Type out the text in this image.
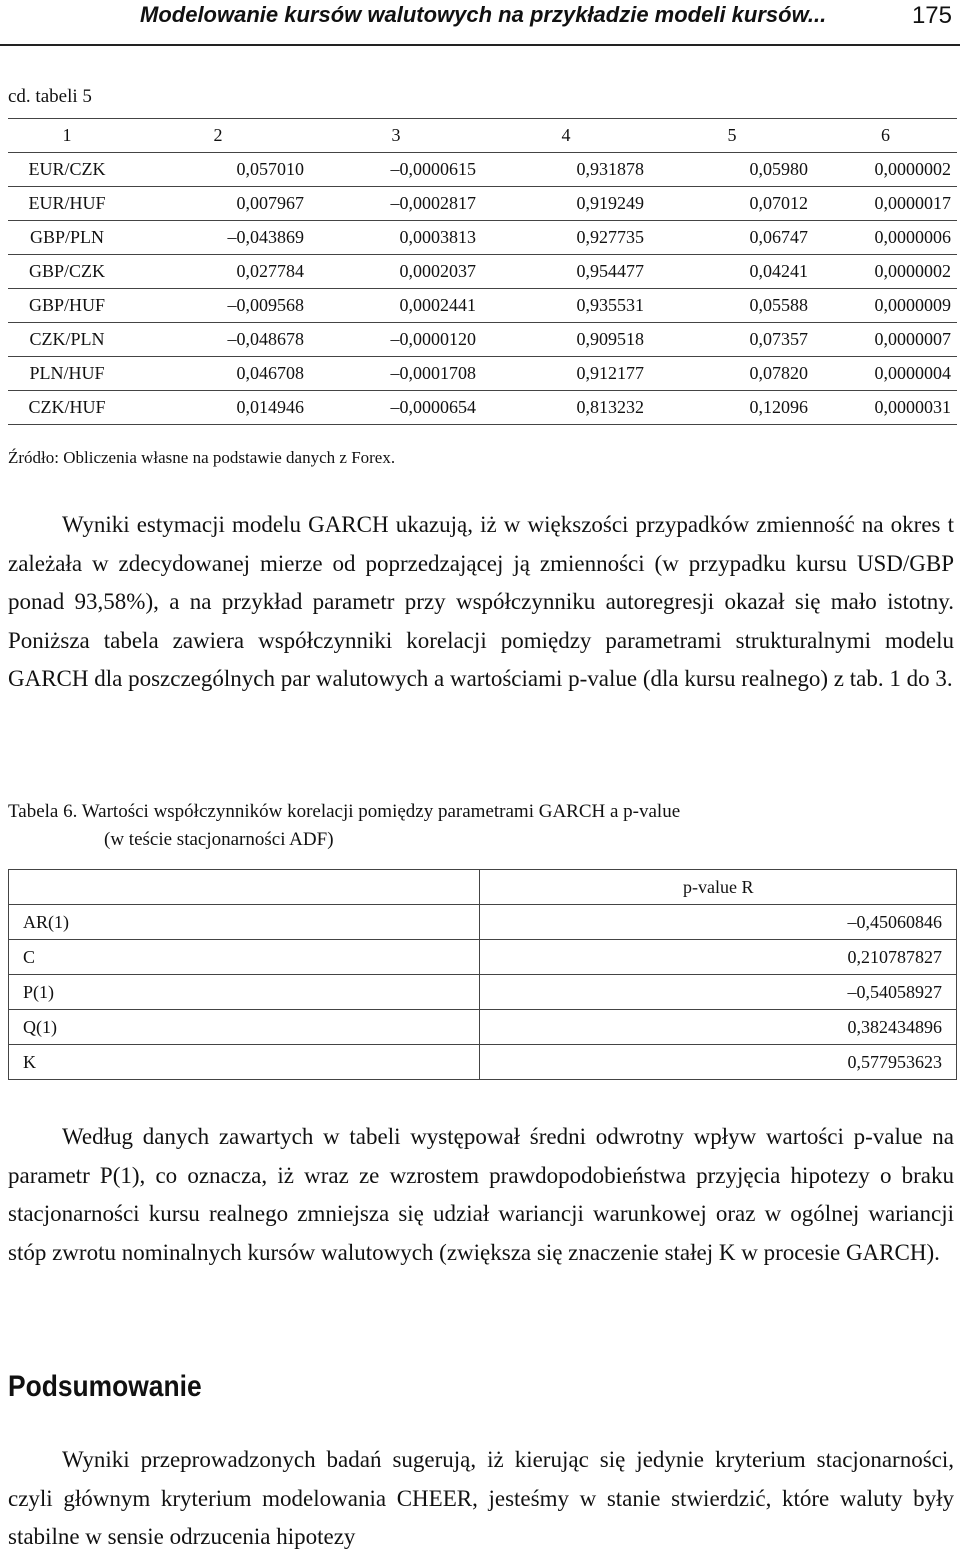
Modelowanie kursów walutowych na przykładzie modeli kursów...	175
cd. tabeli 5
1	2	3	4	5	6
EUR/CZK	0,057010	–0,0000615	0,931878	0,05980	0,0000002
EUR/HUF	0,007967	–0,0002817	0,919249	0,07012	0,0000017
GBP/PLN	–0,043869	0,0003813	0,927735	0,06747	0,0000006
GBP/CZK	0,027784	0,0002037	0,954477	0,04241	0,0000002
GBP/HUF	–0,009568	0,0002441	0,935531	0,05588	0,0000009
CZK/PLN	–0,048678	–0,0000120	0,909518	0,07357	0,0000007
PLN/HUF	0,046708	–0,0001708	0,912177	0,07820	0,0000004
CZK/HUF	0,014946	–0,0000654	0,813232	0,12096	0,0000031
Źródło: Obliczenia własne na podstawie danych z Forex.
Wyniki estymacji modelu GARCH ukazują, iż w większości przypadków zmienność na okres t zależała w zdecydowanej mierze od poprzedzającej ją zmienności (w przypadku kursu USD/GBP ponad 93,58%), a na przykład parametr przy współczynniku autoregresji okazał się mało istotny. Poniższa tabela zawiera współczynniki korelacji pomiędzy parametrami strukturalnymi modelu GARCH dla poszczególnych par walutowych a wartościami p-value (dla kursu realnego) z tab. 1 do 3.
Tabela 6. Wartości współczynników korelacji pomiędzy parametrami GARCH a p-value
(w teście stacjonarności ADF)
	p-value R
AR(1)	–0,45060846
C	0,210787827
P(1)	–0,54058927
Q(1)	0,382434896
K	0,577953623
Według danych zawartych w tabeli występował średni odwrotny wpływ wartości p-value na parametr P(1), co oznacza, iż wraz ze wzrostem prawdopodobieństwa przyjęcia hipotezy o braku stacjonarności kursu realnego zmniejsza się udział wariancji warunkowej oraz w ogólnej wariancji stóp zwrotu nominalnych kursów walutowych (zwiększa się znaczenie stałej K w procesie GARCH).
Podsumowanie
Wyniki przeprowadzonych badań sugerują, iż kierując się jedynie kryterium stacjonarności, czyli głównym kryterium modelowania CHEER, jesteśmy w stanie stwierdzić, które waluty były stabilne w sensie odrzucenia hipotezy
